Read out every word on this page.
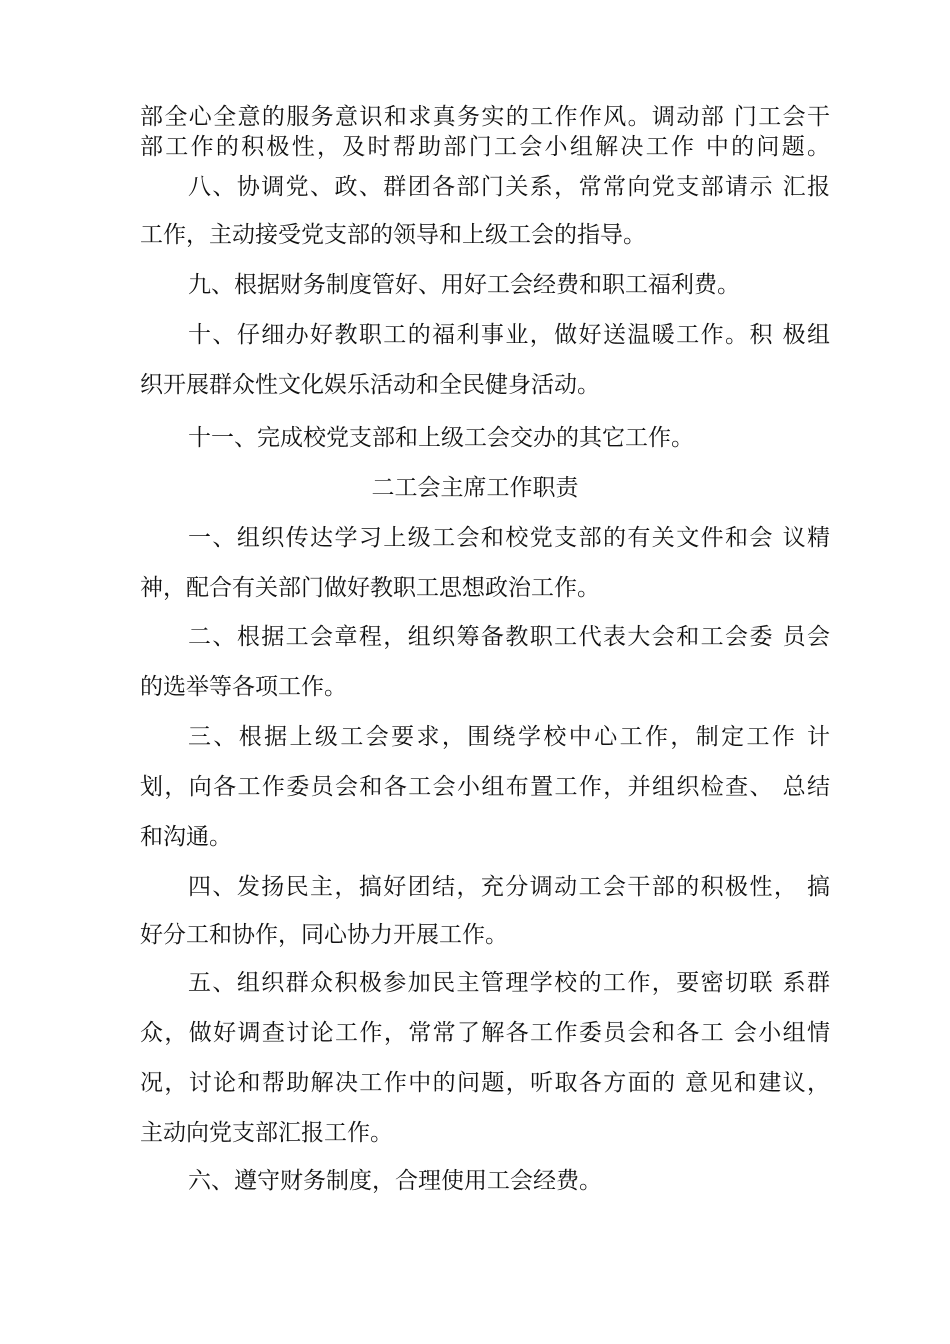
部全心全意的服务意识和求真务实的工作作风。调动部 门工会干
部工作的积极性，及时帮助部门工会小组解决工作 中的问题。
八、协调党、政、群团各部门关系，常常向党支部请示 汇报
工作，主动接受党支部的领导和上级工会的指导。
九、根据财务制度管好、用好工会经费和职工福利费。
十、仔细办好教职工的福利事业，做好送温暖工作。积 极组
织开展群众性文化娱乐活动和全民健身活动。
十一、完成校党支部和上级工会交办的其它工作。
二工会主席工作职责
一、组织传达学习上级工会和校党支部的有关文件和会 议精
神，配合有关部门做好教职工思想政治工作。
二、根据工会章程，组织筹备教职工代表大会和工会委 员会
的选举等各项工作。
三、根据上级工会要求，围绕学校中心工作，制定工作 计
划，向各工作委员会和各工会小组布置工作，并组织检查、 总结
和沟通。
四、发扬民主，搞好团结，充分调动工会干部的积极性， 搞
好分工和协作，同心协力开展工作。
五、组织群众积极参加民主管理学校的工作，要密切联 系群
众，做好调查讨论工作，常常了解各工作委员会和各工 会小组情
况，讨论和帮助解决工作中的问题，听取各方面的 意见和建议，
主动向党支部汇报工作。
六、遵守财务制度，合理使用工会经费。
